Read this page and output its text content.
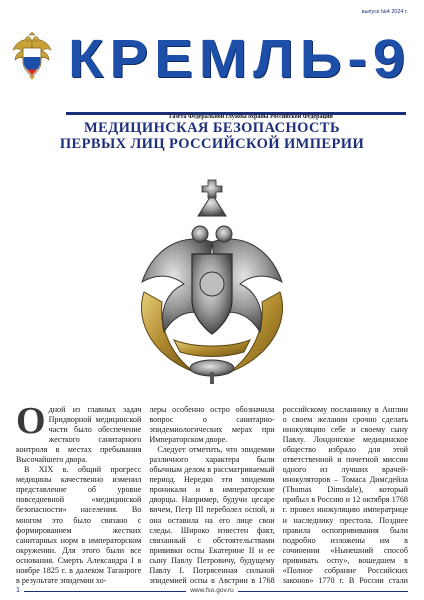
выпуск №4 2024 г.
КРЕМЛЬ-9
Газета Федеральной службы охраны Российской Федерации
МЕДИЦИНСКАЯ БЕЗОПАСНОСТЬ
ПЕРВЫХ ЛИЦ РОССИЙСКОЙ ИМПЕРИИ
О дной из главных задач Придворной медицинской части было обеспечение жесткого санитарного контроля в местах пребывания Высочайшего двора.

В XIX в. общий прогресс медицины качественно изменил представление об уровне повседневной «медицинской безопасности» населения. Во многом это было связано с формированием жестких санитарных норм в императорском окружении. Для этого были все основания. Смерть Александра I в ноябре 1825 г. в далеком Таганроге в результате эпидемии хо-

леры особенно остро обозначила вопрос о санитарно-эпидемиологических мерах при Императорском дворе.

Следует отметить, что эпидемии различного характера были обычным делом в рассматриваемый период. Нередко эти эпидемии проникали и в императорские дворцы. Например, будучи цесаре вичем, Петр III переболел оспой, и она оставила на его лице свои следы. Широко известен факт, связанный с обстоятельствами прививки оспы Екатерине II и ее сыну Павлу Петровичу, будущему Павлу I. Потрясенная сильной эпидемией оспы в Австрии в 1768

российскому посланнику в Англии о своем желании срочно сделать инокуляцию себе и своему сыну Павлу. Лондонское медицинское общество избрало для этой ответственной и почетной миссии одного из лучших врачей-инокуляторов – Томаса Димсдейла (Thomas Dimsdale), который прибыл в Россию и 12 октября 1768 г. провел инокуляцию императрице и наследнику престола. Позднее правила оспопрививания были подробно изложены им в сочинении «Нынешний способ прививать оспу», вошедшем в «Полное собрание Российских законов» 1770 г. В России стали

1	www.fso.gov.ru
